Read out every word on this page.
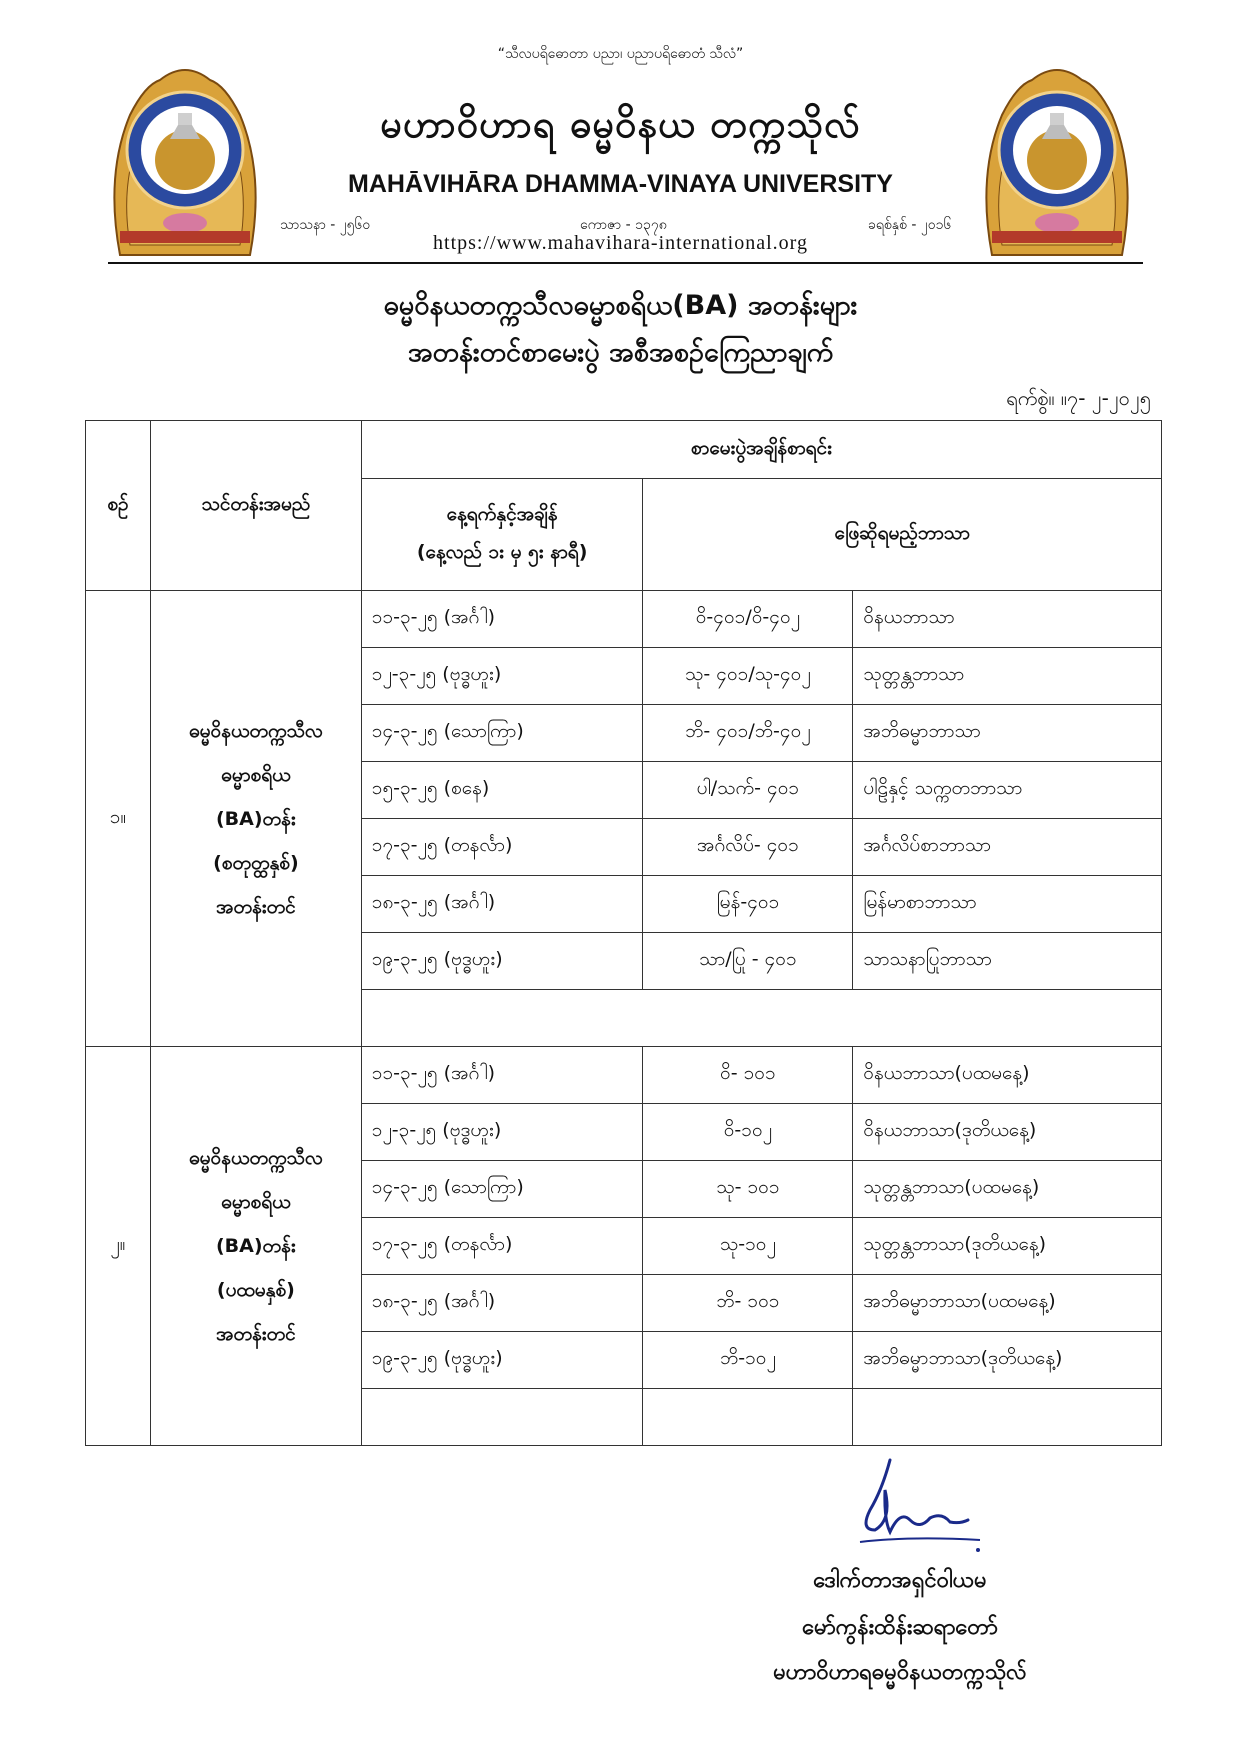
“သီလပရိဓောတာ ပညာ၊ ပညာပရိဓောတံ သီလံ”
မဟာဝိဟာရ ဓမ္မဝိနယ တက္ကသိုလ်
MAHĀVIHĀRA DHAMMA-VINAYA UNIVERSITY
သာသနာ - ၂၅၆၀	ကောဇာ - ၁၃၇၈	ခရစ်နှစ် - ၂၀၁၆
https://www.mahavihara-international.org
ဓမ္မဝိနယတက္ကသီလဓမ္မာစရိယ(BA) အတန်းများ
အတန်းတင်စာမေးပွဲ အစီအစဉ်ကြေညာချက်
ရက်စွဲ။ ။၇- ၂-၂၀၂၅
စဉ်	သင်တန်းအမည်	စာမေးပွဲအချိန်စာရင်း		

		နေ့ရက်နှင့်အချိန်
(နေ့လည် ၁း မှ ၅း နာရီ)	ဖြေဆိုရမည့်ဘာသာ	
၁။	ဓမ္မဝိနယတက္ကသီလ
ဓမ္မာစရိယ
(BA)တန်း
(စတုတ္ထနှစ်)
အတန်းတင်	၁၁-၃-၂၅ (အင်္ဂါ)	ဝိ-၄၀၁/ဝိ-၄၀၂	ဝိနယဘာသာ
		၁၂-၃-၂၅ (ဗုဒ္ဓဟူး)	သု- ၄၀၁/သု-၄၀၂	သုတ္တန္တဘာသာ
		၁၄-၃-၂၅ (သောကြာ)	ဘိ- ၄၀၁/ဘိ-၄၀၂	အဘိဓမ္မာဘာသာ
		၁၅-၃-၂၅ (စနေ)	ပါ/သက်- ၄၀၁	ပါဠိနှင့် သက္ကတဘာသာ
		၁၇-၃-၂၅ (တနင်္လာ)	အင်္ဂလိပ်- ၄၀၁	အင်္ဂလိပ်စာဘာသာ
		၁၈-၃-၂၅ (အင်္ဂါ)	မြန်-၄၀၁	မြန်မာစာဘာသာ
		၁၉-၃-၂၅ (ဗုဒ္ဓဟူး)	သာ/ပြု - ၄၀၁	သာသနာပြုဘာသာ

၂။	ဓမ္မဝိနယတက္ကသီလ
ဓမ္မာစရိယ
(BA)တန်း
(ပထမနှစ်)
အတန်းတင်	၁၁-၃-၂၅ (အင်္ဂါ)	ဝိ- ၁၀၁	ဝိနယဘာသာ(ပထမနေ့)
		၁၂-၃-၂၅ (ဗုဒ္ဓဟူး)	ဝိ-၁၀၂	ဝိနယဘာသာ(ဒုတိယနေ့)
		၁၄-၃-၂၅ (သောကြာ)	သု- ၁၀၁	သုတ္တန္တဘာသာ(ပထမနေ့)
		၁၇-၃-၂၅ (တနင်္လာ)	သု-၁၀၂	သုတ္တန္တဘာသာ(ဒုတိယနေ့)
		၁၈-၃-၂၅ (အင်္ဂါ)	ဘိ- ၁၀၁	အဘိဓမ္မာဘာသာ(ပထမနေ့)
		၁၉-၃-၂၅ (ဗုဒ္ဓဟူး)	ဘိ-၁၀၂	အဘိဓမ္မာဘာသာ(ဒုတိယနေ့)

ဒေါက်တာအရှင်ဝါယမ
မော်ကွန်းထိန်းဆရာတော်
မဟာဝိဟာရဓမ္မဝိနယတက္ကသိုလ်
